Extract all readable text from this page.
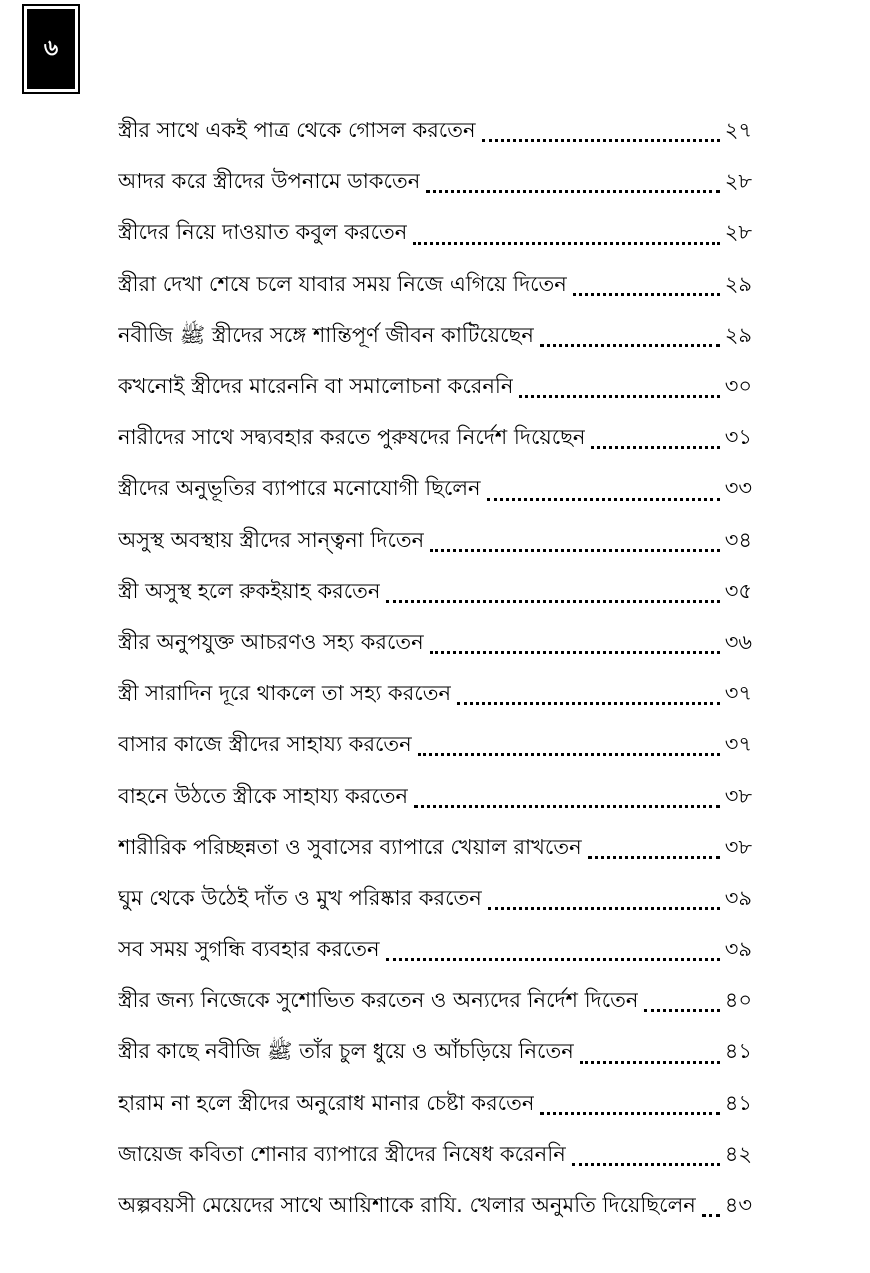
৬
স্ত্রীর সাথে একই পাত্র থেকে গোসল করতেন	২৭
আদর করে স্ত্রীদের উপনামে ডাকতেন	২৮
স্ত্রীদের নিয়ে দাওয়াত কবুল করতেন	২৮
স্ত্রীরা দেখা শেষে চলে যাবার সময় নিজে এগিয়ে দিতেন	২৯
নবীজি ﷺ স্ত্রীদের সঙ্গে শান্তিপূর্ণ জীবন কাটিয়েছেন	২৯
কখনোই স্ত্রীদের মারেননি বা সমালোচনা করেননি	৩০
নারীদের সাথে সদ্ব্যবহার করতে পুরুষদের নির্দেশ দিয়েছেন	৩১
স্ত্রীদের অনুভূতির ব্যাপারে মনোযোগী ছিলেন	৩৩
অসুস্থ অবস্থায় স্ত্রীদের সান্ত্বনা দিতেন	৩৪
স্ত্রী অসুস্থ হলে রুকইয়াহ করতেন	৩৫
স্ত্রীর অনুপযুক্ত আচরণও সহ্য করতেন	৩৬
স্ত্রী সারাদিন দূরে থাকলে তা সহ্য করতেন	৩৭
বাসার কাজে স্ত্রীদের সাহায্য করতেন	৩৭
বাহনে উঠতে স্ত্রীকে সাহায্য করতেন	৩৮
শারীরিক পরিচ্ছন্নতা ও সুবাসের ব্যাপারে খেয়াল রাখতেন	৩৮
ঘুম থেকে উঠেই দাঁত ও মুখ পরিষ্কার করতেন	৩৯
সব সময় সুগন্ধি ব্যবহার করতেন	৩৯
স্ত্রীর জন্য নিজেকে সুশোভিত করতেন ও অন্যদের নির্দেশ দিতেন	৪০
স্ত্রীর কাছে নবীজি ﷺ তাঁর চুল ধুয়ে ও আঁচড়িয়ে নিতেন	৪১
হারাম না হলে স্ত্রীদের অনুরোধ মানার চেষ্টা করতেন	৪১
জায়েজ কবিতা শোনার ব্যাপারে স্ত্রীদের নিষেধ করেননি	৪২
অল্পবয়সী মেয়েদের সাথে আয়িশাকে রাযি. খেলার অনুমতি দিয়েছিলেন ৪৩
